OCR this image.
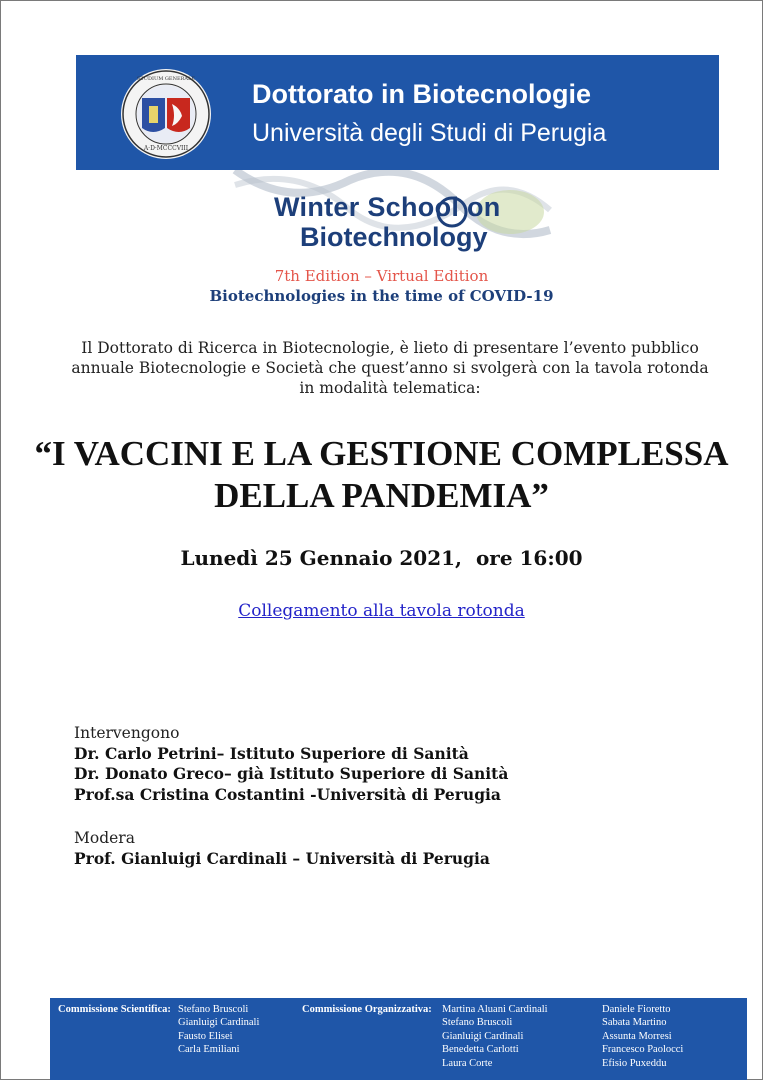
A·D·MCCCVIII
STUDIUM GENERALE Dottorato in Biotecnologie
Università degli Studi di Perugia
Winter School on
Biotechnology
7th Edition – Virtual Edition
Biotechnologies in the time of COVID-19
Il Dottorato di Ricerca in Biotecnologie, è lieto di presentare l’evento pubblico annuale Biotecnologie e Società che quest’anno si svolgerà con la tavola rotonda in modalità telematica:
“I VACCINI E LA GESTIONE COMPLESSA
DELLA PANDEMIA”
Lunedì 25 Gennaio 2021,  ore 16:00
Collegamento alla tavola rotonda
Intervengono
Dr. Carlo Petrini– Istituto Superiore di Sanità
Dr. Donato Greco– già Istituto Superiore di Sanità
Prof.sa Cristina Costantini -Università di Perugia
Modera
Prof. Gianluigi Cardinali – Università di Perugia
Commissione Scientifica: Stefano Bruscoli
Gianluigi Cardinali
Fausto Elisei
Carla Emiliani
Commissione Organizzativa: Martina Aluani Cardinali
Stefano Bruscoli
Gianluigi Cardinali
Benedetta Carlotti
Laura Corte
Daniele Fioretto
Sabata Martino
Assunta Morresi
Francesco Paolocci
Efisio Puxeddu
